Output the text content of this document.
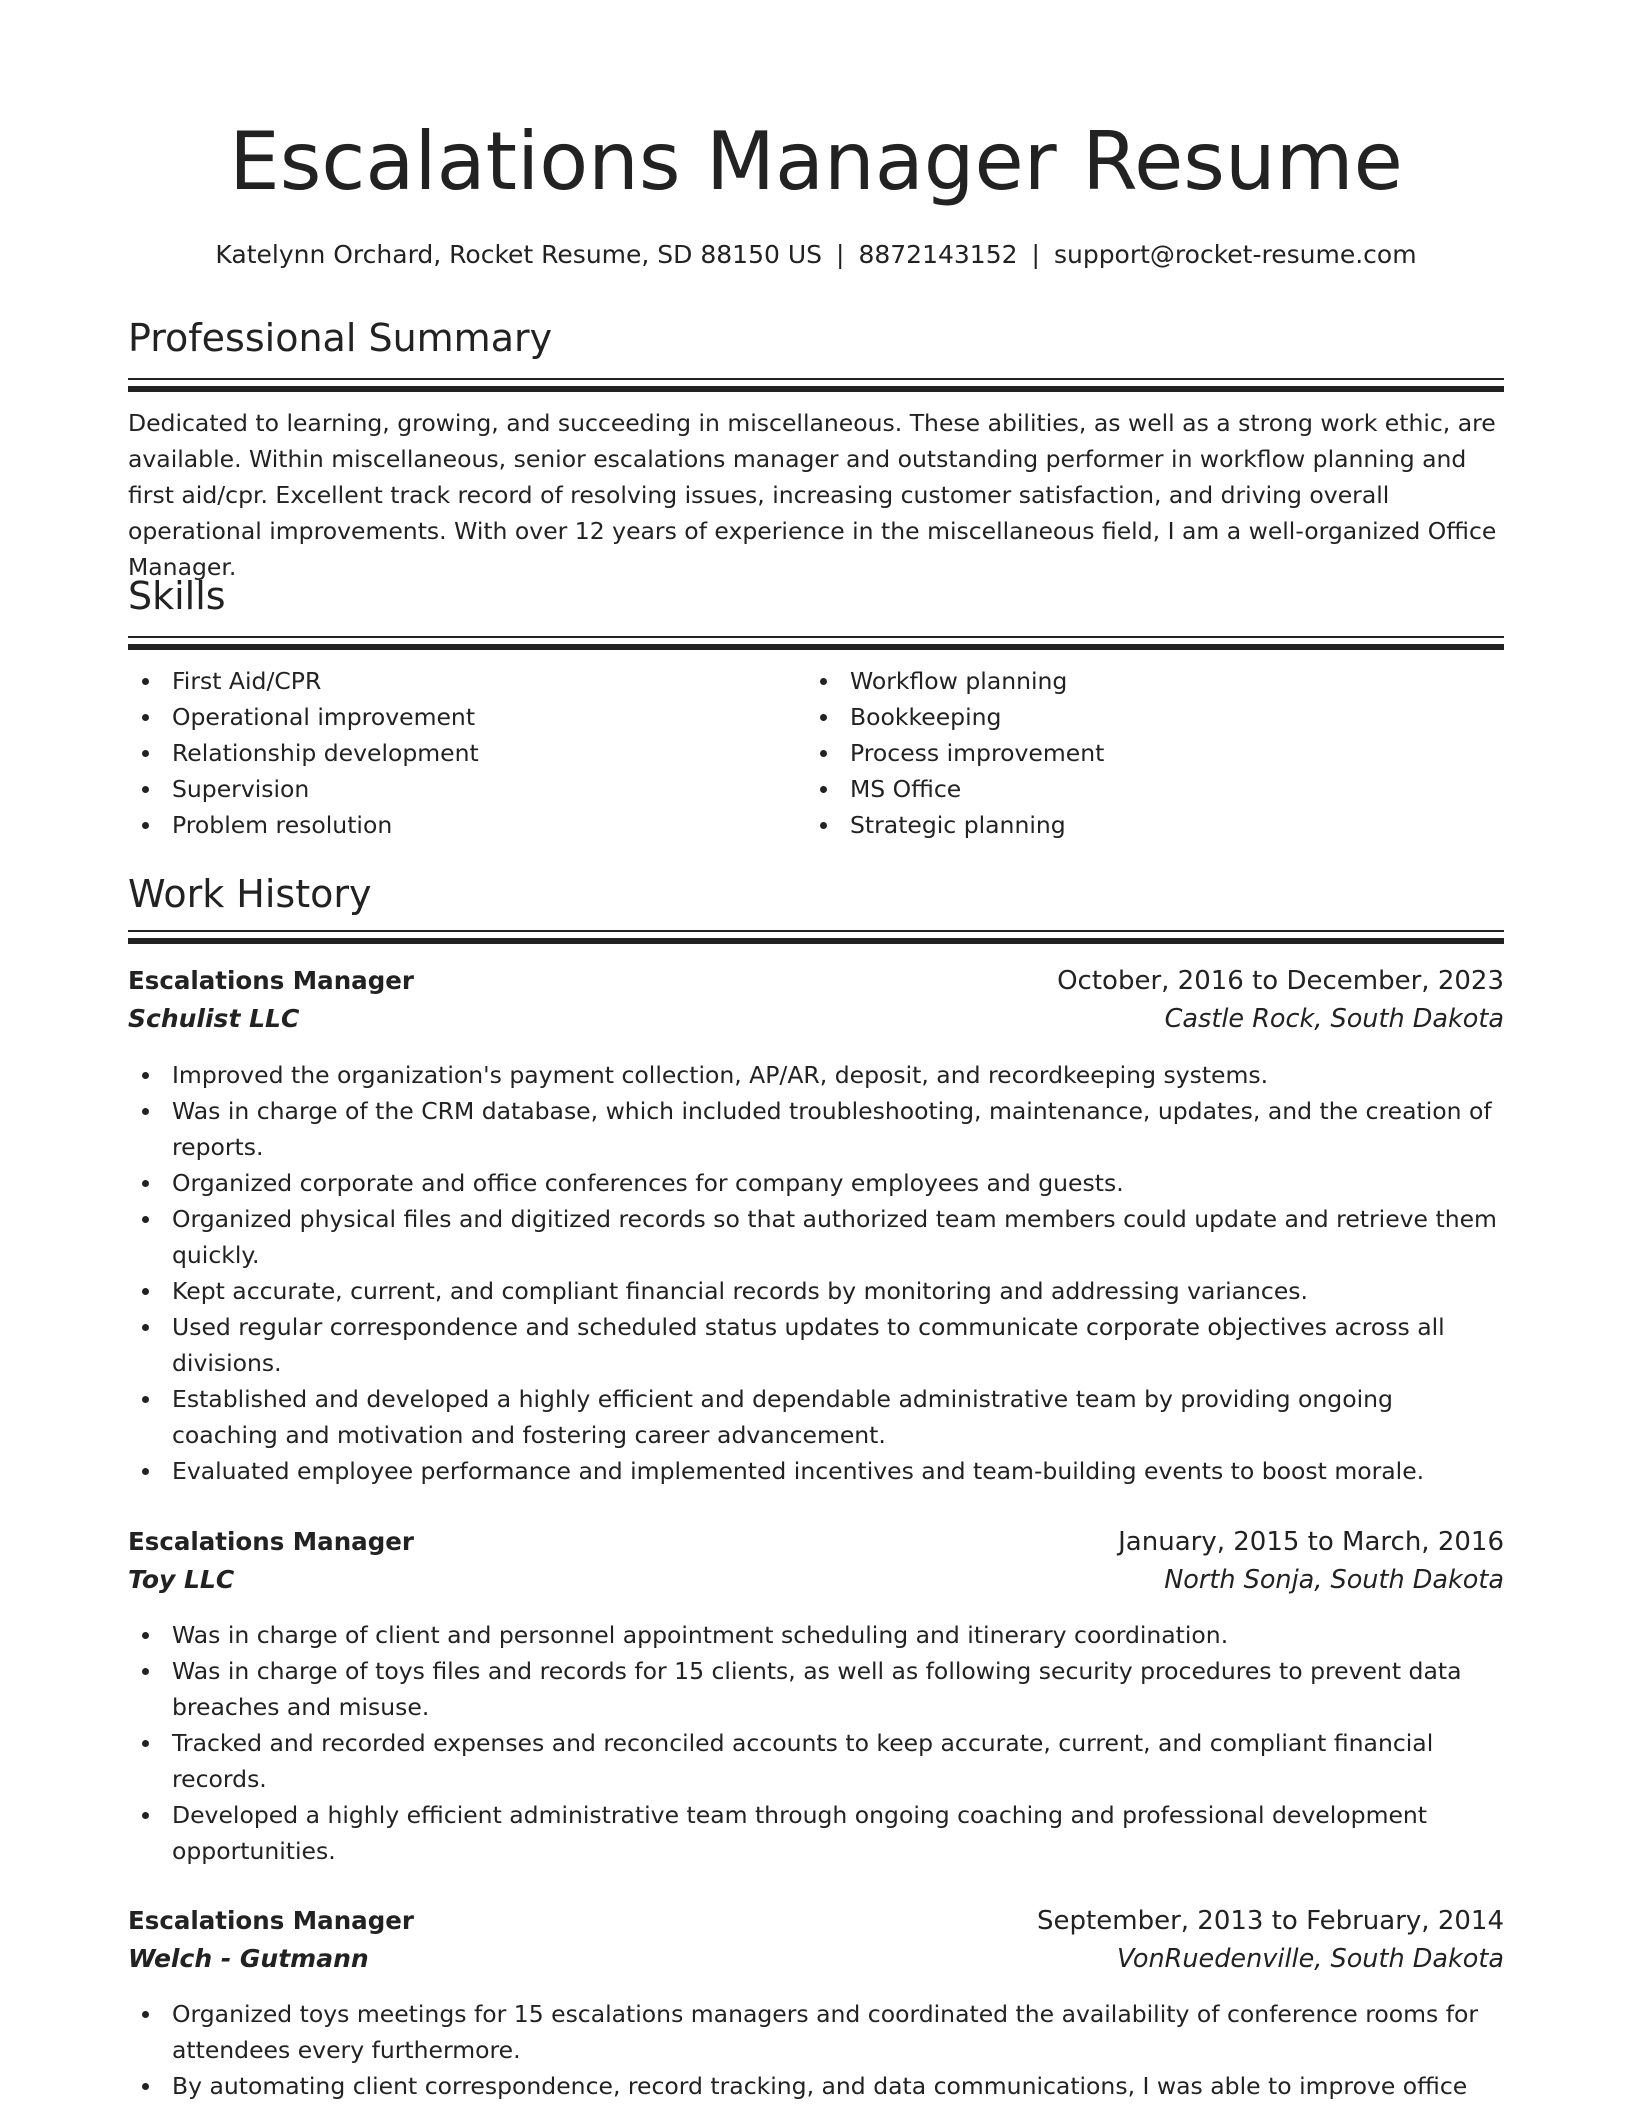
Escalations Manager Resume
Katelynn Orchard, Rocket Resume, SD 88150 US | 8872143152 | support@rocket-resume.com
Professional Summary

Dedicated to learning, growing, and succeeding in miscellaneous. These abilities, as well as a strong work ethic, are available. Within miscellaneous, senior escalations manager and outstanding performer in workflow planning and first aid/cpr. Excellent track record of resolving issues, increasing customer satisfaction, and driving overall operational improvements. With over 12 years of experience in the miscellaneous field, I am a well-organized Office Manager.

Skills
First Aid/CPR
Operational improvement
Relationship development
Supervision
Problem resolution
Workflow planning
Bookkeeping
Process improvement
MS Office
Strategic planning
Work History
Escalations Manager	October, 2016 to December, 2023
Schulist LLC	Castle Rock, South Dakota
Improved the organization's payment collection, AP/AR, deposit, and recordkeeping systems.
Was in charge of the CRM database, which included troubleshooting, maintenance, updates, and the creation of reports.
Organized corporate and office conferences for company employees and guests.
Organized physical files and digitized records so that authorized team members could update and retrieve them quickly.
Kept accurate, current, and compliant financial records by monitoring and addressing variances.
Used regular correspondence and scheduled status updates to communicate corporate objectives across all divisions.
Established and developed a highly efficient and dependable administrative team by providing ongoing coaching and motivation and fostering career advancement.
Evaluated employee performance and implemented incentives and team-building events to boost morale.
Escalations Manager	January, 2015 to March, 2016
Toy LLC	North Sonja, South Dakota
Was in charge of client and personnel appointment scheduling and itinerary coordination.
Was in charge of toys files and records for 15 clients, as well as following security procedures to prevent data breaches and misuse.
Tracked and recorded expenses and reconciled accounts to keep accurate, current, and compliant financial records.
Developed a highly efficient administrative team through ongoing coaching and professional development opportunities.
Escalations Manager	September, 2013 to February, 2014
Welch - Gutmann	VonRuedenville, South Dakota
Organized toys meetings for 15 escalations managers and coordinated the availability of conference rooms for attendees every furthermore.
By automating client correspondence, record tracking, and data communications, I was able to improve office
